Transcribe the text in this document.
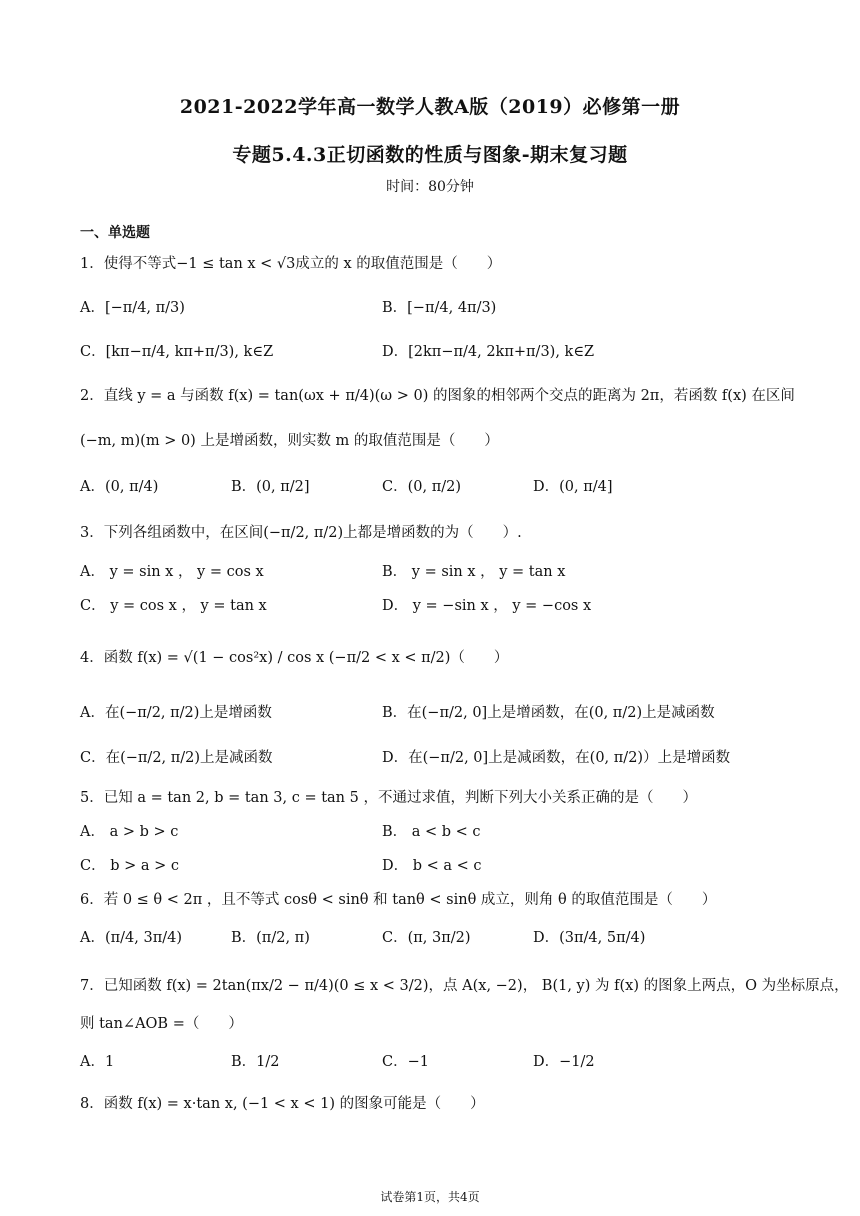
2021-2022学年高一数学人教A版（2019）必修第一册
专题5.4.3正切函数的性质与图象-期末复习题
时间：80分钟
一、单选题
1．使得不等式−1 ≤ tan x < √3成立的 x 的取值范围是（　　）
A．[−π/4, π/3)	B．[−π/4, 4π/3)
C．[kπ−π/4, kπ+π/3), k∈Z	D．[2kπ−π/4, 2kπ+π/3), k∈Z
2．直线 y = a 与函数 f(x) = tan(ωx + π/4)(ω > 0) 的图象的相邻两个交点的距离为 2π，若函数 f(x) 在区间
(−m, m)(m > 0) 上是增函数，则实数 m 的取值范围是（　　）
A．(0, π/4)	B．(0, π/2]	C．(0, π/2)	D．(0, π/4]
3．下列各组函数中，在区间(−π/2, π/2)上都是增函数的为（　　）.
A． y = sin x ， y = cos x	B． y = sin x ， y = tan x
C． y = cos x ， y = tan x	D． y = −sin x ， y = −cos x
4．函数 f(x) = √(1 − cos²x) / cos x (−π/2 < x < π/2)（　　）
A．在(−π/2, π/2)上是增函数	B．在(−π/2, 0]上是增函数，在(0, π/2)上是减函数
C．在(−π/2, π/2)上是减函数	D．在(−π/2, 0]上是减函数，在(0, π/2)）上是增函数
5．已知 a = tan 2, b = tan 3, c = tan 5 ，不通过求值，判断下列大小关系正确的是（　　）
A． a > b > c	B． a < b < c
C． b > a > c	D． b < a < c
6．若 0 ≤ θ < 2π ，且不等式 cosθ < sinθ 和 tanθ < sinθ 成立，则角 θ 的取值范围是（　　）
A．(π/4, 3π/4)	B．(π/2, π)	C．(π, 3π/2)	D．(3π/4, 5π/4)
7．已知函数 f(x) = 2tan(πx/2 − π/4)(0 ≤ x < 3/2)，点 A(x, −2)， B(1, y) 为 f(x) 的图象上两点，O 为坐标原点，
则 tan∠AOB =（　　）
A．1	B．1/2	C．−1	D．−1/2
8．函数 f(x) = x·tan x, (−1 < x < 1) 的图象可能是（　　）
试卷第1页，共4页
